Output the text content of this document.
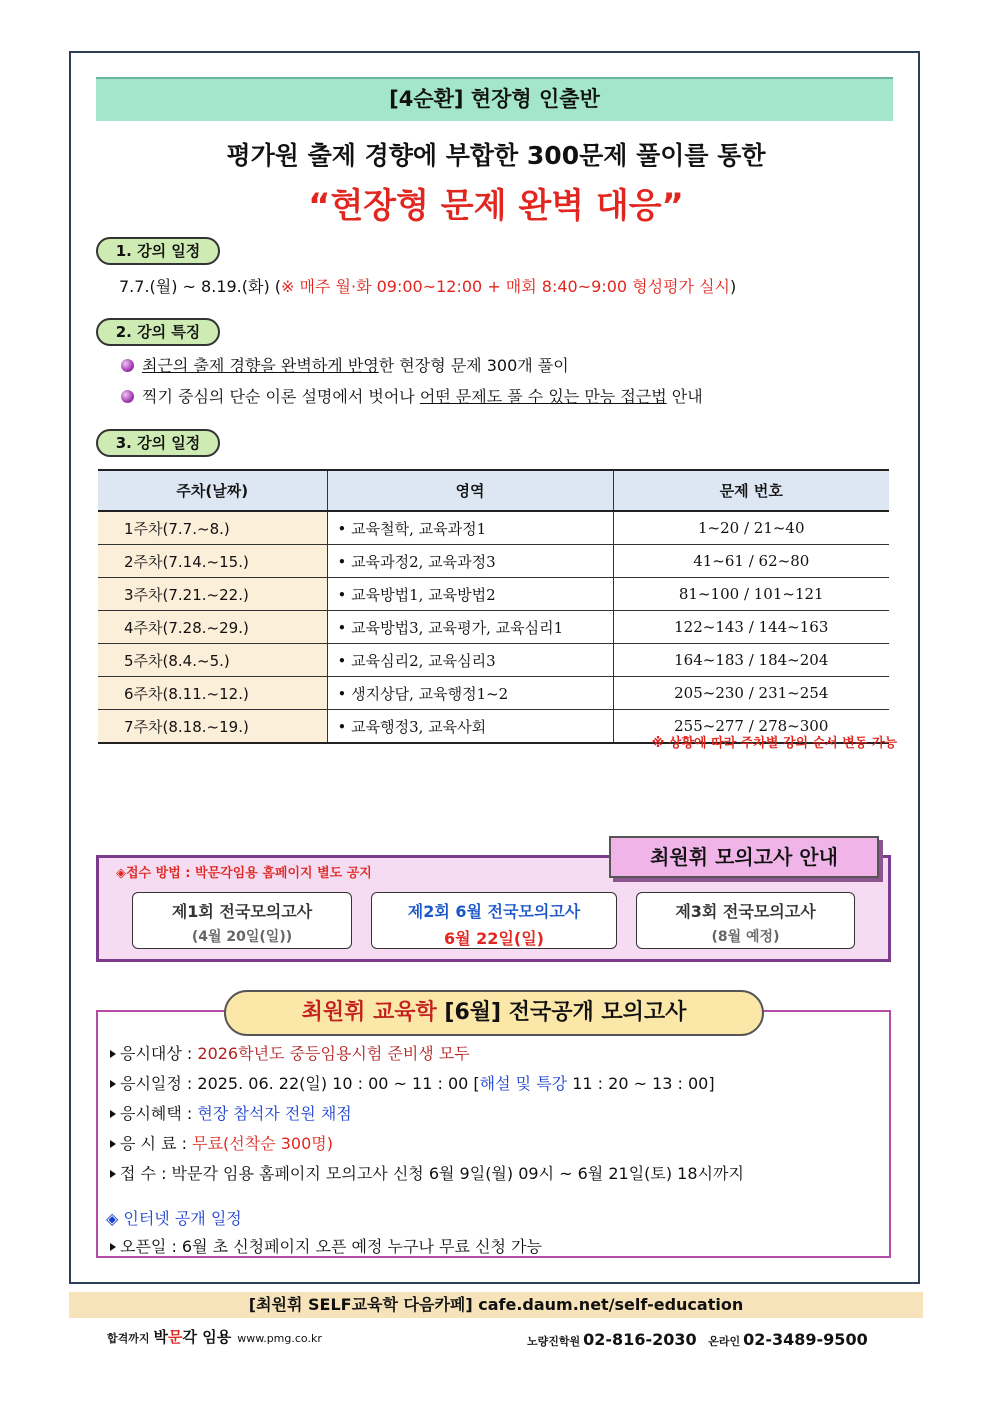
[4순환] 현장형 인출반
평가원 출제 경향에 부합한 300문제 풀이를 통한
“현장형 문제 완벽 대응”
1. 강의 일정
7.7.(월) ~ 8.19.(화) (※ 매주 월·화 09:00~12:00 + 매회 8:40~9:00 형성평가 실시)
2. 강의 특징
최근의 출제 경향을 완벽하게 반영한 현장형 문제 300개 풀이
찍기 중심의 단순 이론 설명에서 벗어나 어떤 문제도 풀 수 있는 만능 접근법 안내
3. 강의 일정
주차(날짜)	영역	문제 번호
1주차(7.7.~8.)	• 교육철학, 교육과정1	1~20 / 21~40
2주차(7.14.~15.)	• 교육과정2, 교육과정3	41~61 / 62~80
3주차(7.21.~22.)	• 교육방법1, 교육방법2	81~100 / 101~121
4주차(7.28.~29.)	• 교육방법3, 교육평가, 교육심리1	122~143 / 144~163
5주차(8.4.~5.)	• 교육심리2, 교육심리3	164~183 / 184~204
6주차(8.11.~12.)	• 생지상담, 교육행정1~2	205~230 / 231~254
7주차(8.18.~19.)	• 교육행정3, 교육사회	255~277 / 278~300
※ 상황에 따라 주차별 강의 순서 변동 가능
최원휘 모의고사 안내
◈접수 방법 : 박문각임용 홈페이지 별도 공지
제1회 전국모의고사
(4월 20일(일))
제2회 6월 전국모의고사
6월 22일(일)
제3회 전국모의고사
(8월 예정)
최원휘 교육학 [6월] 전국공개 모의고사
응시대상 : 2026학년도 중등임용시험 준비생 모두
응시일정 : 2025. 06. 22(일) 10 : 00 ~ 11 : 00 [해설 및 특강 11 : 20 ~ 13 : 00]
응시혜택 : 현장 참석자 전원 채점
응 시 료 : 무료(선착순 300명)
접 수 : 박문각 임용 홈페이지 모의고사 신청 6월 9일(월) 09시 ~ 6월 21일(토) 18시까지
◈ 인터넷 공개 일정
오픈일 : 6월 초 신청페이지 오픈 예정 누구나 무료 신청 가능
[최원휘 SELF교육학 다음카페] cafe.daum.net/self-education
합격까지 박문각 임용 www.pmg.co.kr	노량진학원 02-816-2030 온라인 02-3489-9500
